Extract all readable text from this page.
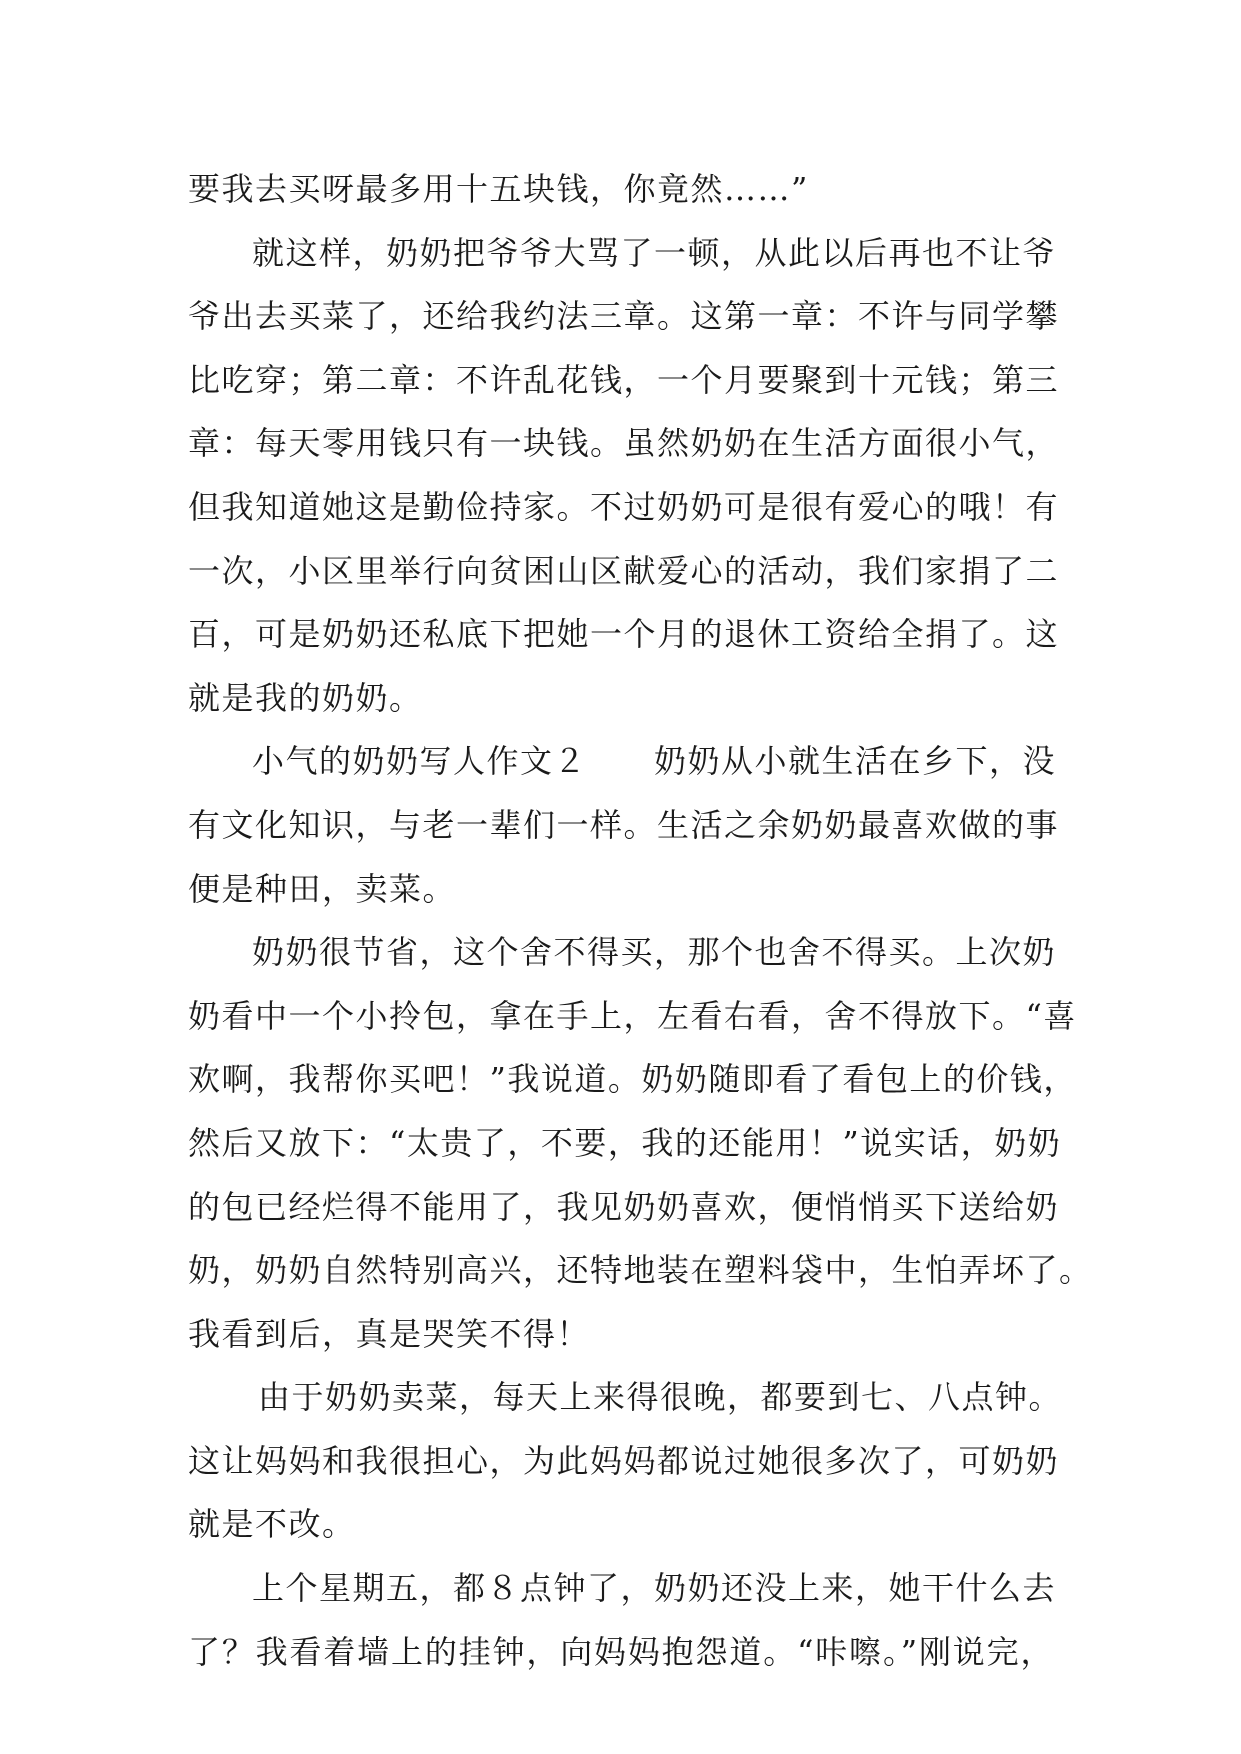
要我去买呀最多用十五块钱，你竟然……”
就这样，奶奶把爷爷大骂了一顿，从此以后再也不让爷
爷出去买菜了，还给我约法三章。这第一章：不许与同学攀
比吃穿；第二章：不许乱花钱，一个月要聚到十元钱；第三
章：每天零用钱只有一块钱。虽然奶奶在生活方面很小气，
但我知道她这是勤俭持家。不过奶奶可是很有爱心的哦！有
一次，小区里举行向贫困山区献爱心的活动，我们家捐了二
百，可是奶奶还私底下把她一个月的退休工资给全捐了。这
就是我的奶奶。
小气的奶奶写人作文２　　奶奶从小就生活在乡下，没
有文化知识，与老一辈们一样。生活之余奶奶最喜欢做的事
便是种田，卖菜。
奶奶很节省，这个舍不得买，那个也舍不得买。上次奶
奶看中一个小拎包，拿在手上，左看右看，舍不得放下。“喜
欢啊，我帮你买吧！”我说道。奶奶随即看了看包上的价钱，
然后又放下：“太贵了，不要，我的还能用！”说实话，奶奶
的包已经烂得不能用了，我见奶奶喜欢，便悄悄买下送给奶
奶，奶奶自然特别高兴，还特地装在塑料袋中，生怕弄坏了。
我看到后，真是哭笑不得！
由于奶奶卖菜，每天上来得很晚，都要到七、八点钟。
这让妈妈和我很担心，为此妈妈都说过她很多次了，可奶奶
就是不改。
上个星期五，都８点钟了，奶奶还没上来，她干什么去
了？我看着墙上的挂钟，向妈妈抱怨道。“咔嚓。”刚说完，
